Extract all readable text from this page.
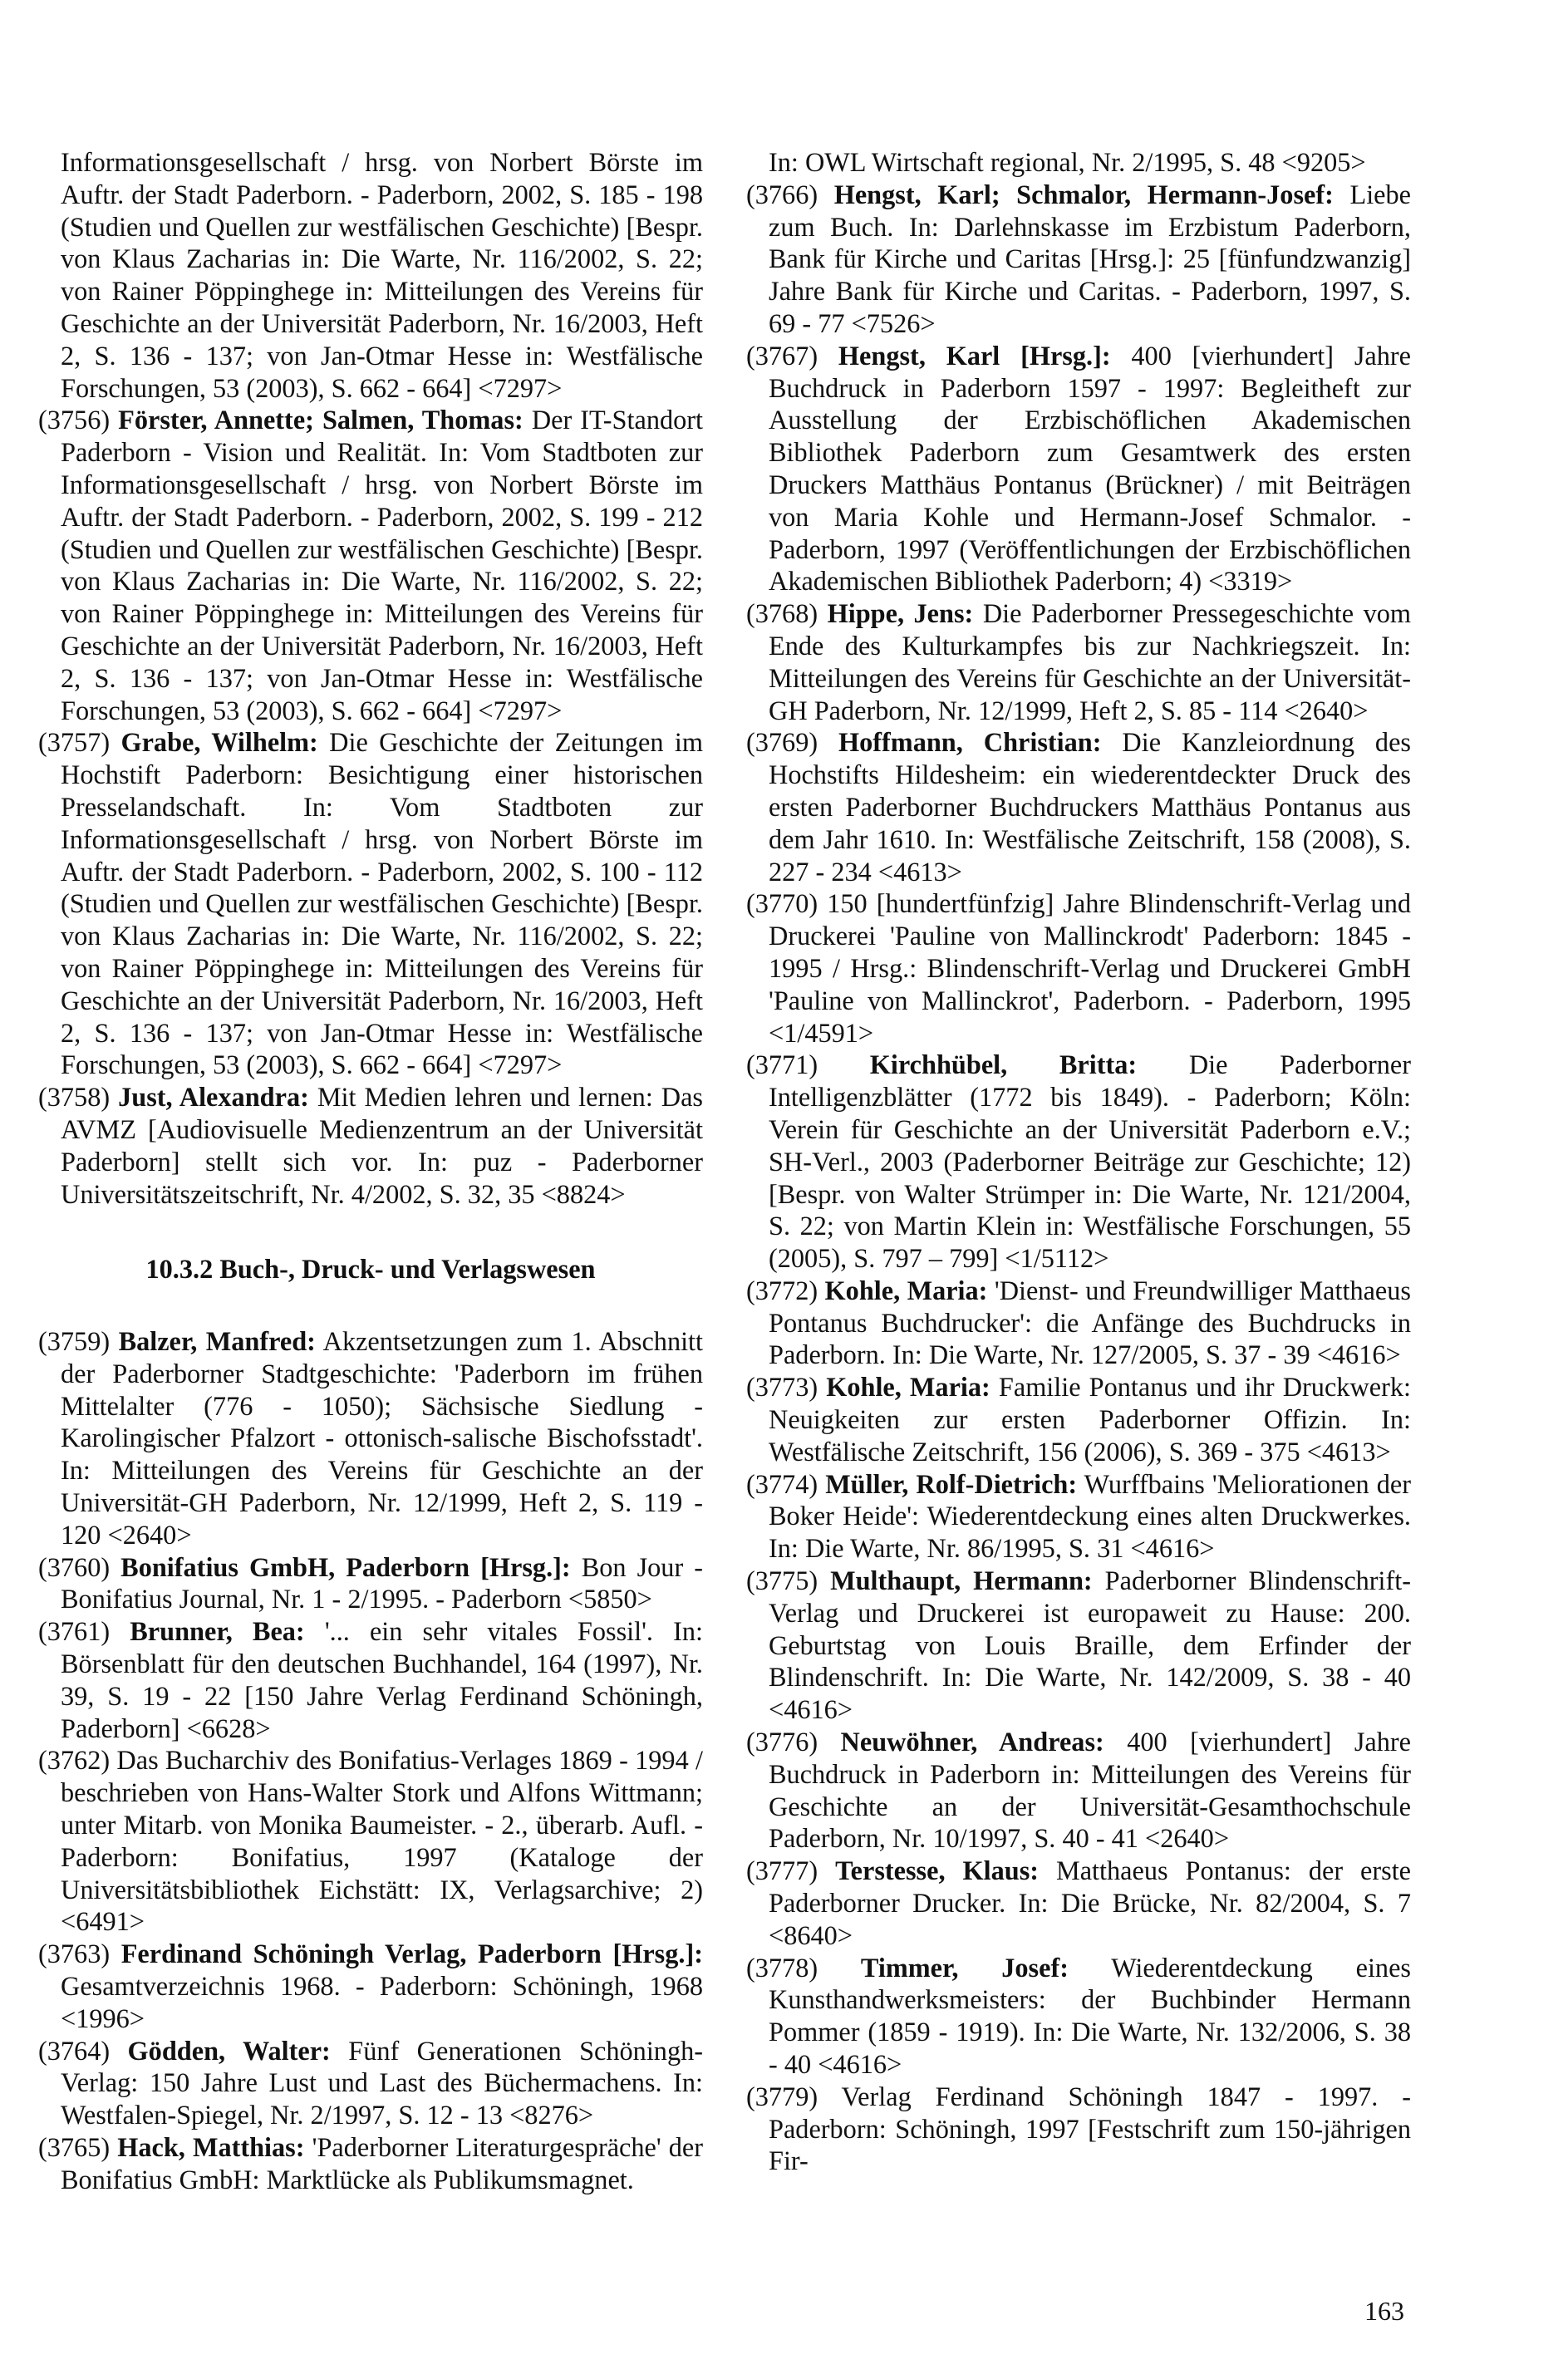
Informationsgesellschaft / hrsg. von Norbert Börste im Auftr. der Stadt Paderborn. - Paderborn, 2002, S. 185 - 198 (Studien und Quellen zur westfälischen Geschichte) [Bespr. von Klaus Zacharias in: Die Warte, Nr. 116/2002, S. 22; von Rainer Pöppinghege in: Mitteilungen des Vereins für Geschichte an der Universität Paderborn, Nr. 16/2003, Heft 2, S. 136 - 137; von Jan-Otmar Hesse in: Westfälische Forschungen, 53 (2003), S. 662 - 664] <7297>

(3756) Förster, Annette; Salmen, Thomas: Der IT-Standort Paderborn - Vision und Realität. In: Vom Stadtboten zur Informationsgesellschaft / hrsg. von Norbert Börste im Auftr. der Stadt Paderborn. - Paderborn, 2002, S. 199 - 212 (Studien und Quellen zur westfälischen Geschichte) [Bespr. von Klaus Zacharias in: Die Warte, Nr. 116/2002, S. 22; von Rainer Pöppinghege in: Mitteilungen des Vereins für Geschichte an der Universität Paderborn, Nr. 16/2003, Heft 2, S. 136 - 137; von Jan-Otmar Hesse in: Westfälische Forschungen, 53 (2003), S. 662 - 664] <7297>

(3757) Grabe, Wilhelm: Die Geschichte der Zeitungen im Hochstift Paderborn: Besichtigung einer historischen Presselandschaft. In: Vom Stadtboten zur Informationsgesellschaft / hrsg. von Norbert Börste im Auftr. der Stadt Paderborn. - Paderborn, 2002, S. 100 - 112 (Studien und Quellen zur westfälischen Geschichte) [Bespr. von Klaus Zacharias in: Die Warte, Nr. 116/2002, S. 22; von Rainer Pöppinghege in: Mitteilungen des Vereins für Geschichte an der Universität Paderborn, Nr. 16/2003, Heft 2, S. 136 - 137; von Jan-Otmar Hesse in: Westfälische Forschungen, 53 (2003), S. 662 - 664] <7297>

(3758) Just, Alexandra: Mit Medien lehren und lernen: Das AVMZ [Audiovisuelle Medienzentrum an der Universität Paderborn] stellt sich vor. In: puz - Paderborner Universitätszeitschrift, Nr. 4/2002, S. 32, 35 <8824>

10.3.2 Buch-, Druck- und Verlagswesen

(3759) Balzer, Manfred: Akzentsetzungen zum 1. Abschnitt der Paderborner Stadtgeschichte: 'Paderborn im frühen Mittelalter (776 - 1050); Sächsische Siedlung - Karolingischer Pfalzort - ottonisch-salische Bischofsstadt'. In: Mitteilungen des Vereins für Geschichte an der Universität-GH Paderborn, Nr. 12/1999, Heft 2, S. 119 - 120 <2640>

(3760) Bonifatius GmbH, Paderborn [Hrsg.]: Bon Jour - Bonifatius Journal, Nr. 1 - 2/1995. - Paderborn <5850>

(3761) Brunner, Bea: '... ein sehr vitales Fossil'. In: Börsenblatt für den deutschen Buchhandel, 164 (1997), Nr. 39, S. 19 - 22 [150 Jahre Verlag Ferdinand Schöningh, Paderborn] <6628>

(3762) Das Bucharchiv des Bonifatius-Verlages 1869 - 1994 / beschrieben von Hans-Walter Stork und Alfons Wittmann; unter Mitarb. von Monika Baumeister. - 2., überarb. Aufl. - Paderborn: Bonifatius, 1997 (Kataloge der Universitätsbibliothek Eichstätt: IX, Verlagsarchive; 2) <6491>

(3763) Ferdinand Schöningh Verlag, Paderborn [Hrsg.]: Gesamtverzeichnis 1968. - Paderborn: Schöningh, 1968 <1996>

(3764) Gödden, Walter: Fünf Generationen Schöningh-Verlag: 150 Jahre Lust und Last des Büchermachens. In: Westfalen-Spiegel, Nr. 2/1997, S. 12 - 13 <8276>

(3765) Hack, Matthias: 'Paderborner Literaturgespräche' der Bonifatius GmbH: Marktlücke als Publikumsmagnet.

In: OWL Wirtschaft regional, Nr. 2/1995, S. 48 <9205>

(3766) Hengst, Karl; Schmalor, Hermann-Josef: Liebe zum Buch. In: Darlehnskasse im Erzbistum Paderborn, Bank für Kirche und Caritas [Hrsg.]: 25 [fünfundzwanzig] Jahre Bank für Kirche und Caritas. - Paderborn, 1997, S. 69 - 77 <7526>

(3767) Hengst, Karl [Hrsg.]: 400 [vierhundert] Jahre Buchdruck in Paderborn 1597 - 1997: Begleitheft zur Ausstellung der Erzbischöflichen Akademischen Bibliothek Paderborn zum Gesamtwerk des ersten Druckers Matthäus Pontanus (Brückner) / mit Beiträgen von Maria Kohle und Hermann-Josef Schmalor. - Paderborn, 1997 (Veröffentlichungen der Erzbischöflichen Akademischen Bibliothek Paderborn; 4) <3319>

(3768) Hippe, Jens: Die Paderborner Pressegeschichte vom Ende des Kulturkampfes bis zur Nachkriegszeit. In: Mitteilungen des Vereins für Geschichte an der Universität-GH Paderborn, Nr. 12/1999, Heft 2, S. 85 - 114 <2640>

(3769) Hoffmann, Christian: Die Kanzleiordnung des Hochstifts Hildesheim: ein wiederentdeckter Druck des ersten Paderborner Buchdruckers Matthäus Pontanus aus dem Jahr 1610. In: Westfälische Zeitschrift, 158 (2008), S. 227 - 234 <4613>

(3770) 150 [hundertfünfzig] Jahre Blindenschrift-Verlag und Druckerei 'Pauline von Mallinckrodt' Paderborn: 1845 - 1995 / Hrsg.: Blindenschrift-Verlag und Druckerei GmbH 'Pauline von Mallinckrot', Paderborn. - Paderborn, 1995 <1/4591>

(3771) Kirchhübel, Britta: Die Paderborner Intelligenzblätter (1772 bis 1849). - Paderborn; Köln: Verein für Geschichte an der Universität Paderborn e.V.; SH-Verl., 2003 (Paderborner Beiträge zur Geschichte; 12) [Bespr. von Walter Strümper in: Die Warte, Nr. 121/2004, S. 22; von Martin Klein in: Westfälische Forschungen, 55 (2005), S. 797 – 799] <1/5112>

(3772) Kohle, Maria: 'Dienst- und Freundwilliger Matthaeus Pontanus Buchdrucker': die Anfänge des Buchdrucks in Paderborn. In: Die Warte, Nr. 127/2005, S. 37 - 39 <4616>

(3773) Kohle, Maria: Familie Pontanus und ihr Druckwerk: Neuigkeiten zur ersten Paderborner Offizin. In: Westfälische Zeitschrift, 156 (2006), S. 369 - 375 <4613>

(3774) Müller, Rolf-Dietrich: Wurffbains 'Meliorationen der Boker Heide': Wiederentdeckung eines alten Druckwerkes. In: Die Warte, Nr. 86/1995, S. 31 <4616>

(3775) Multhaupt, Hermann: Paderborner Blindenschrift-Verlag und Druckerei ist europaweit zu Hause: 200. Geburtstag von Louis Braille, dem Erfinder der Blindenschrift. In: Die Warte, Nr. 142/2009, S. 38 - 40 <4616>

(3776) Neuwöhner, Andreas: 400 [vierhundert] Jahre Buchdruck in Paderborn in: Mitteilungen des Vereins für Geschichte an der Universität-Gesamthochschule Paderborn, Nr. 10/1997, S. 40 - 41 <2640>

(3777) Terstesse, Klaus: Matthaeus Pontanus: der erste Paderborner Drucker. In: Die Brücke, Nr. 82/2004, S. 7 <8640>

(3778) Timmer, Josef: Wiederentdeckung eines Kunsthandwerksmeisters: der Buchbinder Hermann Pommer (1859 - 1919). In: Die Warte, Nr. 132/2006, S. 38 - 40 <4616>

(3779) Verlag Ferdinand Schöningh 1847 - 1997. - Paderborn: Schöningh, 1997 [Festschrift zum 150-jährigen Fir-

163
